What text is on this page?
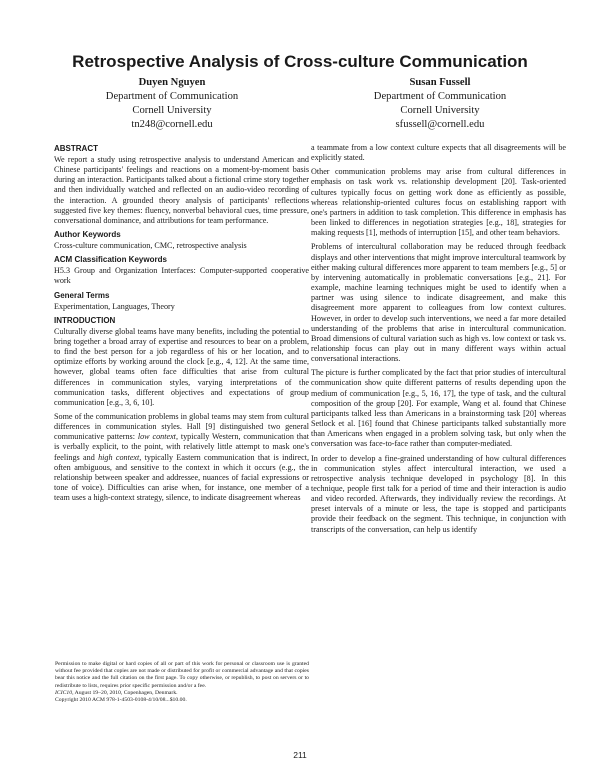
Retrospective Analysis of Cross-culture Communication
Duyen Nguyen
Department of Communication
Cornell University
tn248@cornell.edu
Susan Fussell
Department of Communication
Cornell University
sfussell@cornell.edu
ABSTRACT

We report a study using retrospective analysis to understand American and Chinese participants' feelings and reactions on a moment-by-moment basis during an interaction. Participants talked about a fictional crime story together and then individually watched and reflected on an audio-video recording of the interaction. A grounded theory analysis of participants' reflections suggested five key themes: fluency, nonverbal behavioral cues, time pressure, conversational dominance, and attributions for team performance.

Author Keywords

Cross-culture communication, CMC, retrospective analysis

ACM Classification Keywords

H5.3 Group and Organization Interfaces: Computer-supported cooperative work

General Terms

Experimentation, Languages, Theory

INTRODUCTION

Culturally diverse global teams have many benefits, including the potential to bring together a broad array of expertise and resources to bear on a problem, to find the best person for a job regardless of his or her location, and to optimize efforts by working around the clock [e.g., 4, 12]. At the same time, however, global teams often face difficulties that arise from cultural differences in communication styles, varying interpretations of the communication tasks, different objectives and expectations of group communication [e.g., 3, 6, 10].

Some of the communication problems in global teams may stem from cultural differences in communication styles. Hall [9] distinguished two general communicative patterns: low context, typically Western, communication that is verbally explicit, to the point, with relatively little attempt to mask one's feelings and high context, typically Eastern communication that is indirect, often ambiguous, and sensitive to the context in which it occurs (e.g., the relationship between speaker and addressee, nuances of facial expressions or tone of voice). Difficulties can arise when, for instance, one member of a team uses a high-context strategy, silence, to indicate disagreement whereas

Permission to make digital or hard copies of all or part of this work for personal or classroom use is granted without fee provided that copies are not made or distributed for profit or commercial advantage and that copies bear this notice and the full citation on the first page. To copy otherwise, or republish, to post on servers or to redistribute to lists, requires prior specific permission and/or a fee.

ICIC10, August 19–20, 2010, Copenhagen, Denmark.

Copyright 2010 ACM 978-1-4503-0108-4/10/08...$10.00.

a teammate from a low context culture expects that all disagreements will be explicitly stated.

Other communication problems may arise from cultural differences in emphasis on task work vs. relationship development [20]. Task-oriented cultures typically focus on getting work done as efficiently as possible, whereas relationship-oriented cultures focus on establishing rapport with one's partners in addition to task completion. This difference in emphasis has been linked to differences in negotiation strategies [e.g., 18], strategies for making requests [1], methods of interruption [15], and other team behaviors.

Problems of intercultural collaboration may be reduced through feedback displays and other interventions that might improve intercultural teamwork by either making cultural differences more apparent to team members [e.g., 5] or by intervening automatically in problematic conversations [e.g., 21]. For example, machine learning techniques might be used to identify when a partner was using silence to indicate disagreement, and make this disagreement more apparent to colleagues from low context cultures. However, in order to develop such interventions, we need a far more detailed understanding of the problems that arise in intercultural communication. Broad dimensions of cultural variation such as high vs. low context or task vs. relationship focus can play out in many different ways within actual conversational interactions.

The picture is further complicated by the fact that prior studies of intercultural communication show quite different patterns of results depending upon the medium of communication [e.g., 5, 16, 17], the type of task, and the cultural composition of the group [20]. For example, Wang et al. found that Chinese participants talked less than Americans in a brainstorming task [20] whereas Setlock et al. [16] found that Chinese participants talked substantially more than Americans when engaged in a problem solving task, but only when the conversation was face-to-face rather than computer-mediated.

In order to develop a fine-grained understanding of how cultural differences in communication styles affect intercultural interaction, we used a retrospective analysis technique developed in psychology [8]. In this technique, people first talk for a period of time and their interaction is audio and video recorded. Afterwards, they individually review the recordings. At preset intervals of a minute or less, the tape is stopped and participants provide their feedback on the segment. This technique, in conjunction with transcripts of the conversation, can help us identify

211
